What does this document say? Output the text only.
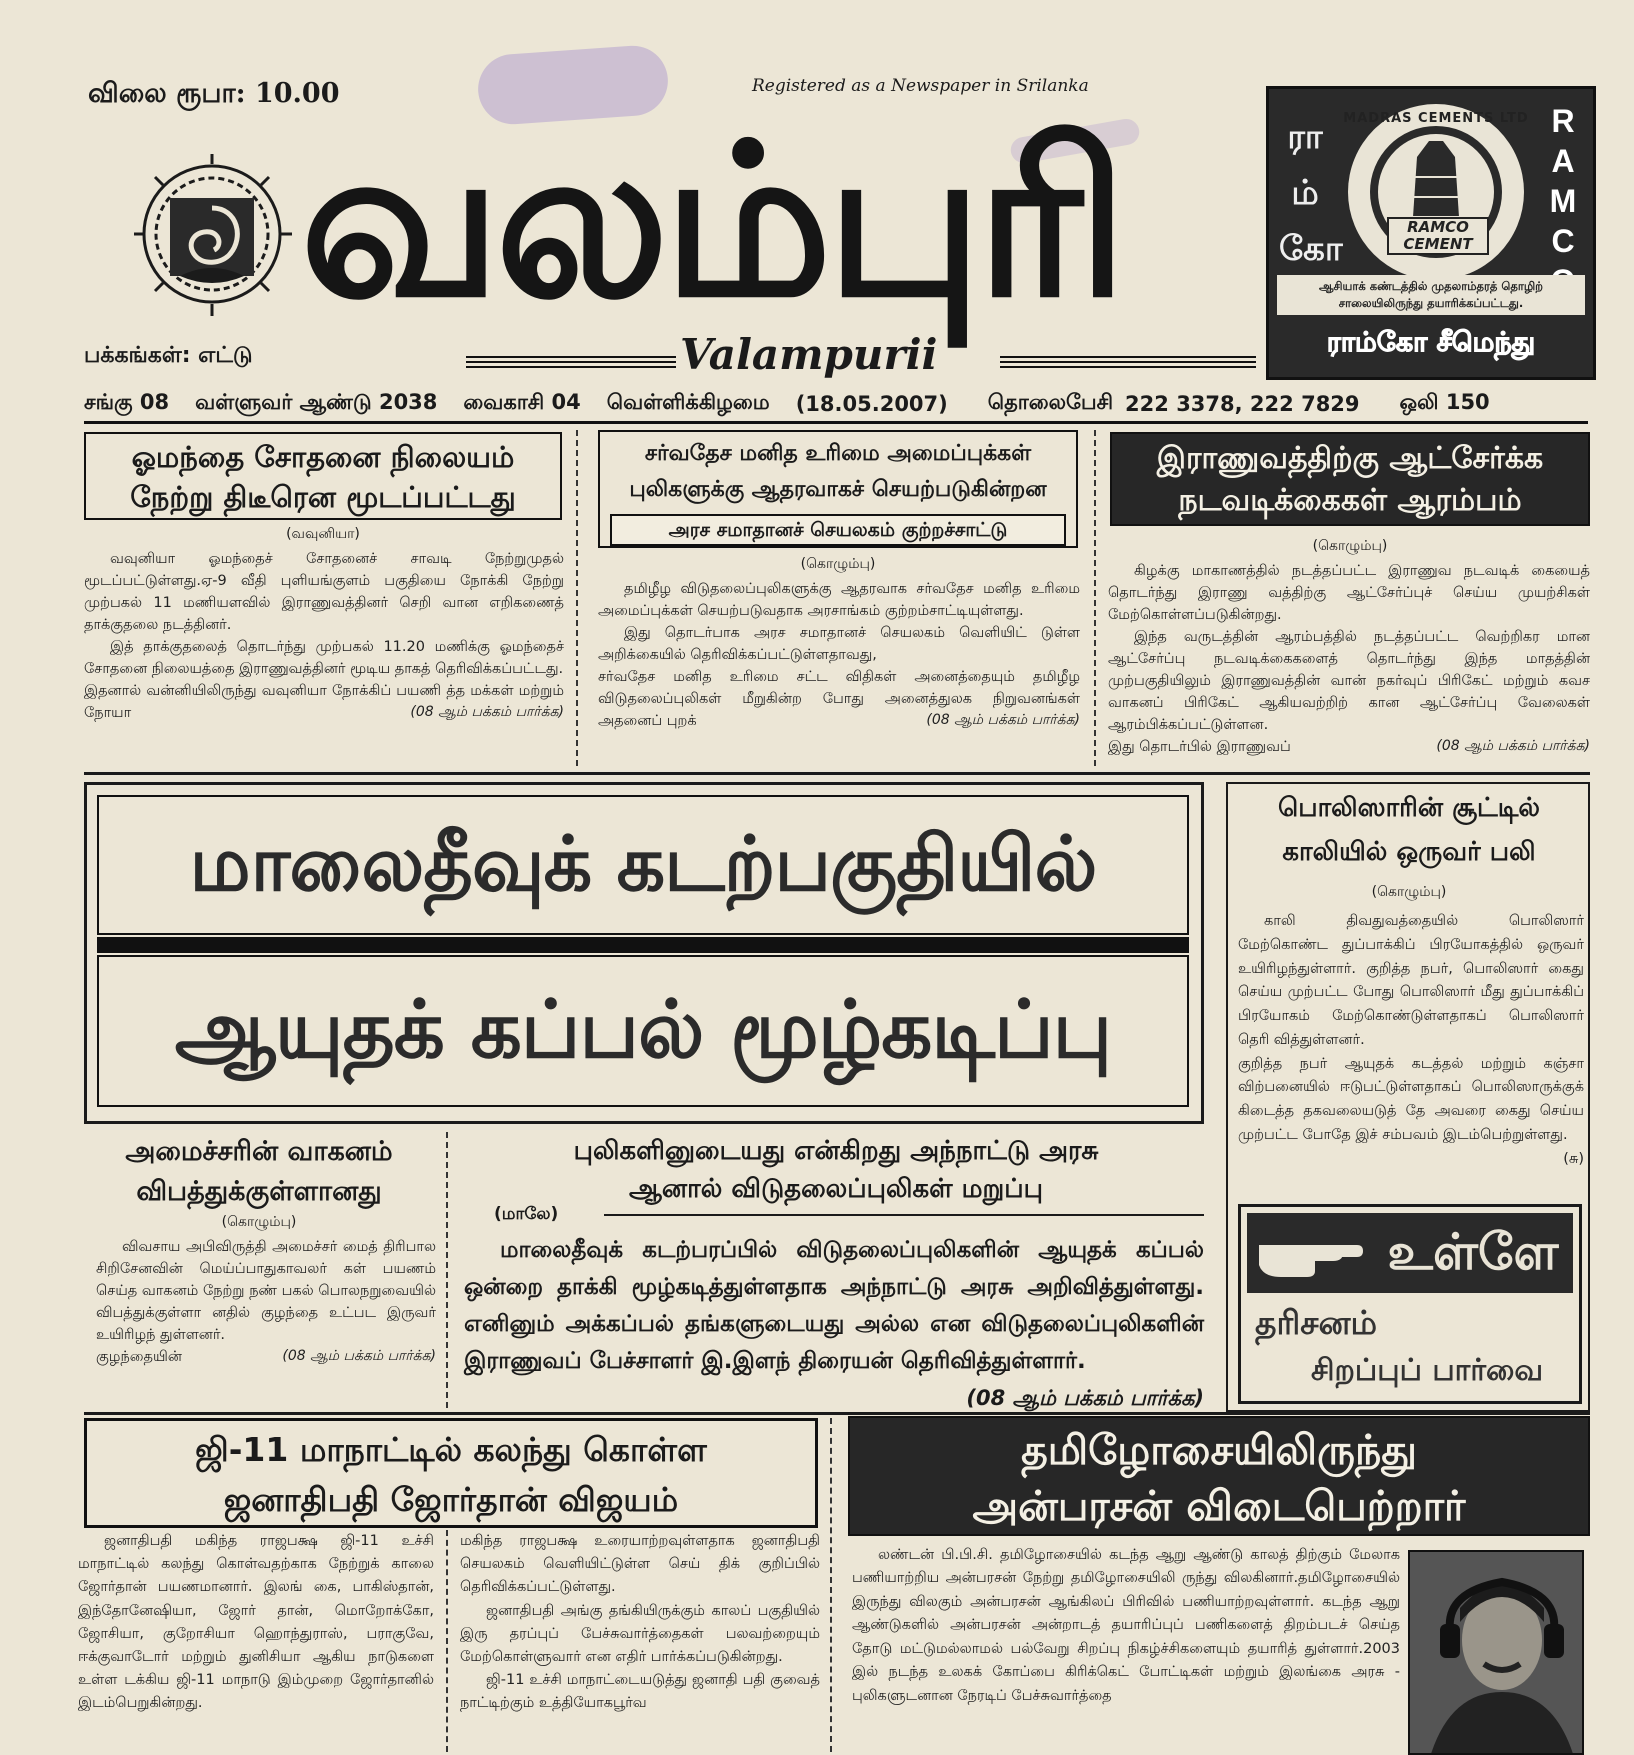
விலை ரூபா: 10.00	Registered as a Newspaper in Srilanka
வலம்புரி
Valampurii
பக்கங்கள்: எட்டு
ரா
ம்
கோ
R
A
M
C
MADRAS CEMENTS LTD
RAMCO CEMENT
ஆசியாக் கண்டத்தில் முதலாம்தரத் தொழிற் சாலையிலிருந்து தயாரிக்கப்பட்டது.
ராம்கோ சீமெந்து
சங்கு 08 வள்ளுவர் ஆண்டு 2038 வைகாசி 04 வெள்ளிக்கிழமை (18.05.2007) தொலைபேசி 222 3378, 222 7829 ஒலி 150
ஓமந்தை சோதனை நிலையம் நேற்று திடீரென மூடப்பட்டது
(வவுனியா)

வவுனியா ஓமந்தைச் சோதனைச் சாவடி நேற்றுமுதல் மூடப்பட்டுள்ளது.ஏ-9 வீதி புளியங்குளம் பகுதியை நோக்கி நேற்று முற்பகல் 11 மணியளவில் இராணுவத்தினர் செறி வான எறிகணைத் தாக்குதலை நடத்தினர்.

இத் தாக்குதலைத் தொடர்ந்து முற்பகல் 11.20 மணிக்கு ஓமந்தைச் சோதனை நிலையத்தை இராணுவத்தினர் மூடிய தாகத் தெரிவிக்கப்பட்டது.

இதனால் வன்னியிலிருந்து வவுனியா நோக்கிப் பயணி த்த மக்கள் மற்றும் நோயா	(08 ஆம் பக்கம் பார்க்க)
சர்வதேச மனித உரிமை அமைப்புக்கள் புலிகளுக்கு ஆதரவாகச் செயற்படுகின்றன
அரச சமாதானச் செயலகம் குற்றச்சாட்டு
(கொழும்பு)

தமிழீழ விடுதலைப்புலிகளுக்கு ஆதரவாக சர்வதேச மனித உரிமை அமைப்புக்கள் செயற்படுவதாக அரசாங்கம் குற்றம்சாட்டியுள்ளது.

இது தொடர்பாக அரச சமாதானச் செயலகம் வெளியிட் டுள்ள அறிக்கையில் தெரிவிக்கப்பட்டுள்ளதாவது,

சர்வதேச மனித உரிமை சட்ட விதிகள் அனைத்தையும் தமிழீழ விடுதலைப்புலிகள் மீறுகின்ற போது அனைத்துலக நிறுவனங்கள் அதனைப் புறக்	(08 ஆம் பக்கம் பார்க்க)
இராணுவத்திற்கு ஆட்சேர்க்க நடவடிக்கைகள் ஆரம்பம்
(கொழும்பு)

கிழக்கு மாகாணத்தில் நடத்தப்பட்ட இராணுவ நடவடிக் கையைத் தொடர்ந்து இராணு வத்திற்கு ஆட்சேர்ப்புச் செய்ய முயற்சிகள் மேற்கொள்ளப்படுகின்றது.

இந்த வருடத்தின் ஆரம்பத்தில் நடத்தப்பட்ட வெற்றிகர மான ஆட்சேர்ப்பு நடவடிக்கைகளைத் தொடர்ந்து இந்த மாதத்தின் முற்பகுதியிலும் இராணுவத்தின் வான் நகர்வுப் பிரிகேட் மற்றும் கவச வாகனப் பிரிகேட் ஆகியவற்றிற் கான ஆட்சேர்ப்பு வேலைகள் ஆரம்பிக்கப்பட்டுள்ளன.

இது தொடர்பில் இராணுவப்	(08 ஆம் பக்கம் பார்க்க)
மாலைதீவுக் கடற்பகுதியில்
ஆயுதக் கப்பல் மூழ்கடிப்பு
பொலிஸாரின் சூட்டில் காலியில் ஒருவர் பலி
(கொழும்பு)

காலி திவதுவத்தையில் பொலிஸார் மேற்கொண்ட துப்பாக்கிப் பிரயோகத்தில் ஒருவர் உயிரிழந்துள்ளார். குறித்த நபர், பொலிஸார் கைது செய்ய முற்பட்ட போது பொலிஸார் மீது துப்பாக்கிப் பிரயோகம் மேற்கொண்டுள்ளதாகப் பொலிஸார் தெரி வித்துள்ளனர்.

குறித்த நபர் ஆயுதக் கடத்தல் மற்றும் கஞ்சா விற்பனையில் ஈடுபட்டுள்ளதாகப் பொலிஸாருக்குக் கிடைத்த தகவலையடுத் தே அவரை கைது செய்ய முற்பட்ட போதே இச் சம்பவம் இடம்பெற்றுள்ளது.

(சு)
உள்ளே
தரிசனம்
சிறப்புப் பார்வை
அமைச்சரின் வாகனம் விபத்துக்குள்ளானது
(கொழும்பு)

விவசாய அபிவிருத்தி அமைச்சர் மைத் திரிபால சிறிசேனவின் மெய்ப்பாதுகாவலர் கள் பயணம் செய்த வாகனம் நேற்று நண் பகல் பொலநறுவையில் விபத்துக்குள்ளா னதில் குழந்தை உட்பட இருவர் உயிரிழந் துள்ளனர்.

குழந்தையின்	(08 ஆம் பக்கம் பார்க்க)
புலிகளினுடையது என்கிறது அந்நாட்டு அரசு
ஆனால் விடுதலைப்புலிகள் மறுப்பு
(மாலே)
மாலைதீவுக் கடற்பரப்பில் விடுதலைப்புலிகளின் ஆயுதக் கப்பல் ஒன்றை தாக்கி மூழ்கடித்துள்ளதாக அந்நாட்டு அரசு அறிவித்துள்ளது. எனினும் அக்கப்பல் தங்களுடையது அல்ல என விடுதலைப்புலிகளின் இராணுவப் பேச்சாளர் இ.இளந் திரையன் தெரிவித்துள்ளார்.
(08 ஆம் பக்கம் பார்க்க)
ஜி-11 மாநாட்டில் கலந்து கொள்ள
ஜனாதிபதி ஜோர்தான் விஜயம்

ஜனாதிபதி மகிந்த ராஜபக்ஷ ஜி-11 உச்சி மாநாட்டில் கலந்து கொள்வதற்காக நேற்றுக் காலை ஜோர்தான் பயணமானார். இலங் கை, பாகிஸ்தான், இந்தோனேஷியா, ஜோர் தான், மொறோக்கோ, ஜோசியா, குறோசியா ஹொந்துராஸ், பராகுவே, ஈக்குவாடோர் மற்றும் துனிசியா ஆகிய நாடுகளை உள்ள டக்கிய ஜி-11 மாநாடு இம்முறை ஜோர்தானில் இடம்பெறுகின்றது.

மகிந்த ராஜபக்ஷ உரையாற்றவுள்ளதாக ஜனாதிபதி செயலகம் வெளியிட்டுள்ள செய் திக் குறிப்பில் தெரிவிக்கப்பட்டுள்ளது.

ஜனாதிபதி அங்கு தங்கியிருக்கும் காலப் பகுதியில் இரு தரப்புப் பேச்சுவார்த்தைகள் பலவற்றையும் மேற்கொள்ளுவார் என எதிர் பார்க்கப்படுகின்றது.

ஜி-11 உச்சி மாநாட்டையடுத்து ஜனாதி பதி குவைத் நாட்டிற்கும் உத்தியோகபூர்வ

தமிழோசையிலிருந்து
அன்பரசன் விடைபெற்றார்

லண்டன் பி.பி.சி. தமிழோசையில் கடந்த ஆறு ஆண்டு காலத் திற்கும் மேலாக பணியாற்றிய அன்பரசன் நேற்று தமிழோசையிலி ருந்து விலகினார்.தமிழோசையில் இருந்து விலகும் அன்பரசன் ஆங்கிலப் பிரிவில் பணியாற்றவுள்ளார். கடந்த ஆறு ஆண்டுகளில் அன்பரசன் அன்றாடத் தயாரிப்புப் பணிகளைத் திறம்படச் செய்த தோடு மட்டுமல்லாமல் பல்வேறு சிறப்பு நிகழ்ச்சிகளையும் தயாரித் துள்ளார்.2003 இல் நடந்த உலகக் கோப்பை கிரிக்கெட் போட்டிகள் மற்றும் இலங்கை அரசு - புலிகளுடனான நேரடிப் பேச்சுவார்த்தை
